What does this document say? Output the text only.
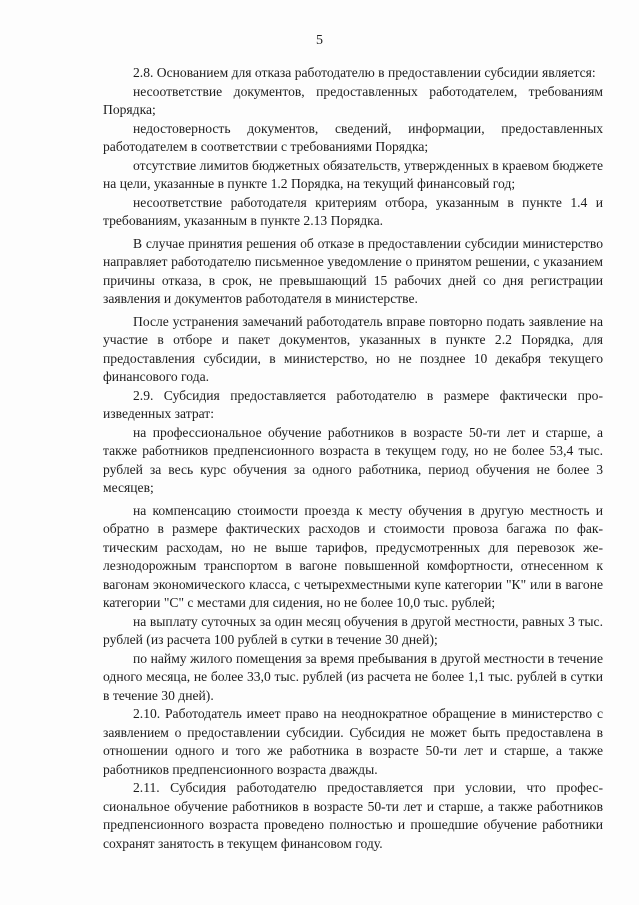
5

2.8. Основанием для отказа работодателю в предоставлении субсидии является:

несоответствие документов, предоставленных работодателем, требованиям Порядка;

недостоверность документов, сведений, информации, предоставленных работодателем в соответствии с требованиями Порядка;

отсутствие лимитов бюджетных обязательств, утвержденных в краевом бюджете на цели, указанные в пункте 1.2 Порядка, на текущий финансовый год;

несоответствие работодателя критериям отбора, указанным в пункте 1.4 и требованиям, указанным в пункте 2.13 Порядка.

В случае принятия решения об отказе в предоставлении субсидии министерство направляет работодателю письменное уведомление о принятом решении, с указанием причины отказа, в срок, не превышающий 15 рабочих дней со дня регистрации заявления и документов работодателя в министерстве.

После устранения замечаний работодатель вправе повторно подать заявление на участие в отборе и пакет документов, указанных в пункте 2.2 Порядка, для предоставления субсидии, в министерство, но не позднее 10 декабря текущего финансового года.

2.9. Субсидия предоставляется работодателю в размере фактически произведенных затрат:

на профессиональное обучение работников в возрасте 50-ти лет и старше, а также работников предпенсионного возраста в текущем году, но не более 53,4 тыс. рублей за весь курс обучения за одного работника, период обучения не более 3 месяцев;

на компенсацию стоимости проезда к месту обучения в другую местность и обратно в размере фактических расходов и стоимости провоза багажа по фактическим расходам, но не выше тарифов, предусмотренных для перевозок железнодорожным транспортом в вагоне повышенной комфортности, отнесенном к вагонам экономического класса, с четырехместными купе категории "К" или в вагоне категории "С" с местами для сидения, но не более 10,0 тыс. рублей;

на выплату суточных за один месяц обучения в другой местности, равных 3 тыс. рублей (из расчета 100 рублей в сутки в течение 30 дней);

по найму жилого помещения за время пребывания в другой местности в течение одного месяца, не более 33,0 тыс. рублей (из расчета не более 1,1 тыс. рублей в сутки в течение 30 дней).

2.10. Работодатель имеет право на неоднократное обращение в министерство с заявлением о предоставлении субсидии. Субсидия не может быть предоставлена в отношении одного и того же работника в возрасте 50-ти лет и старше, а также работников предпенсионного возраста дважды.

2.11. Субсидия работодателю предоставляется при условии, что профессиональное обучение работников в возрасте 50-ти лет и старше, а также работников предпенсионного возраста проведено полностью и прошедшие обучение работники сохранят занятость в текущем финансовом году.
